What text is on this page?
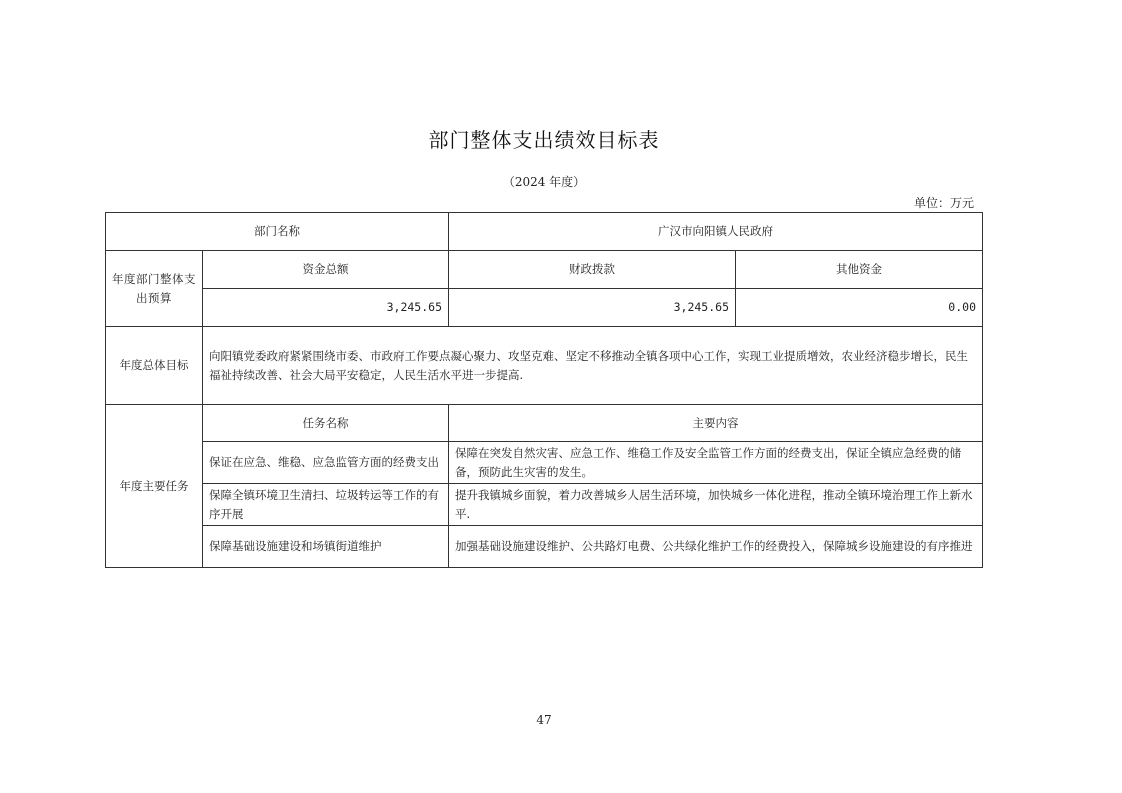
部门整体支出绩效目标表
（2024 年度）
单位：万元
部门名称		广汉市向阳镇人民政府	
年度部门整体支出预算	资金总额	财政拨款	其他资金
	3,245.65	3,245.65	0.00
年度总体目标	向阳镇党委政府紧紧围绕市委、市政府工作要点凝心聚力、攻坚克难、坚定不移推动全镇各项中心工作，实现工业提质增效，农业经济稳步增长，民生福祉持续改善、社会大局平安稳定，人民生活水平进一步提高.		
年度主要任务	任务名称	主要内容	
	保证在应急、维稳、应急监管方面的经费支出	保障在突发自然灾害、应急工作、维稳工作及安全监管工作方面的经费支出，保证全镇应急经费的储备，预防此生灾害的发生。	
	保障全镇环境卫生清扫、垃圾转运等工作的有序开展	提升我镇城乡面貌，着力改善城乡人居生活环境，加快城乡一体化进程，推动全镇环境治理工作上新水平.	
	保障基础设施建设和场镇街道维护	加强基础设施建设维护、公共路灯电费、公共绿化维护工作的经费投入，保障城乡设施建设的有序推进	
47
